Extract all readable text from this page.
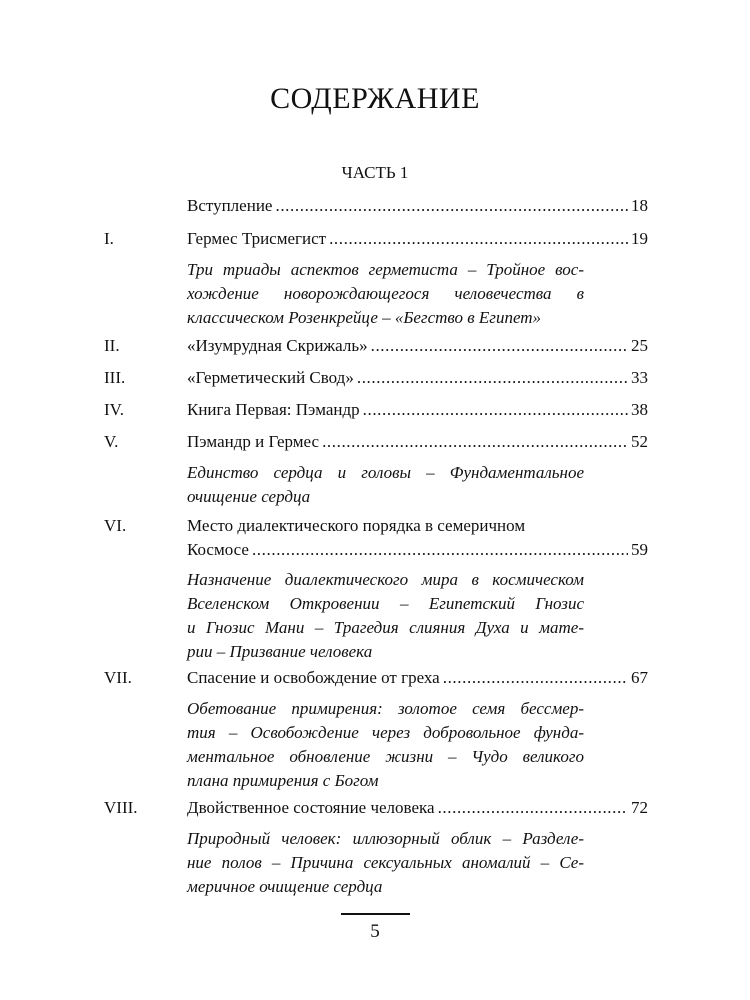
СОДЕРЖАНИЕ
ЧАСТЬ 1
Вступление .....	18
I.	Гермес Трисмегист .....	19
Три триады аспектов герметиста – Тройное вос-
хождение новорождающегося человечества в
классическом Розенкрейце – «Бегство в Египет»
II.	«Изумрудная Скрижаль» .....	25
III.	«Герметический Свод» .....	33
IV.	Книга Первая: Пэмандр .....	38
V.	Пэмандр и Гермес .....	52
Единство сердца и головы – Фундаментальное
очищение сердца
VI.	Место диалектического порядка в семеричном
Космосе .....	59
Назначение диалектического мира в космическом
Вселенском Откровении – Египетский Гнозис
и Гнозис Мани – Трагедия слияния Духа и мате-
рии – Призвание человека
VII.	Спасение и освобождение от греха .....	67
Обетование примирения: золотое семя бессмер-
тия – Освобождение через добровольное фунда-
ментальное обновление жизни – Чудо великого
плана примирения с Богом
VIII.	Двойственное состояние человека .....	72
Природный человек: иллюзорный облик – Разделе-
ние полов – Причина сексуальных аномалий – Се-
меричное очищение сердца
5
